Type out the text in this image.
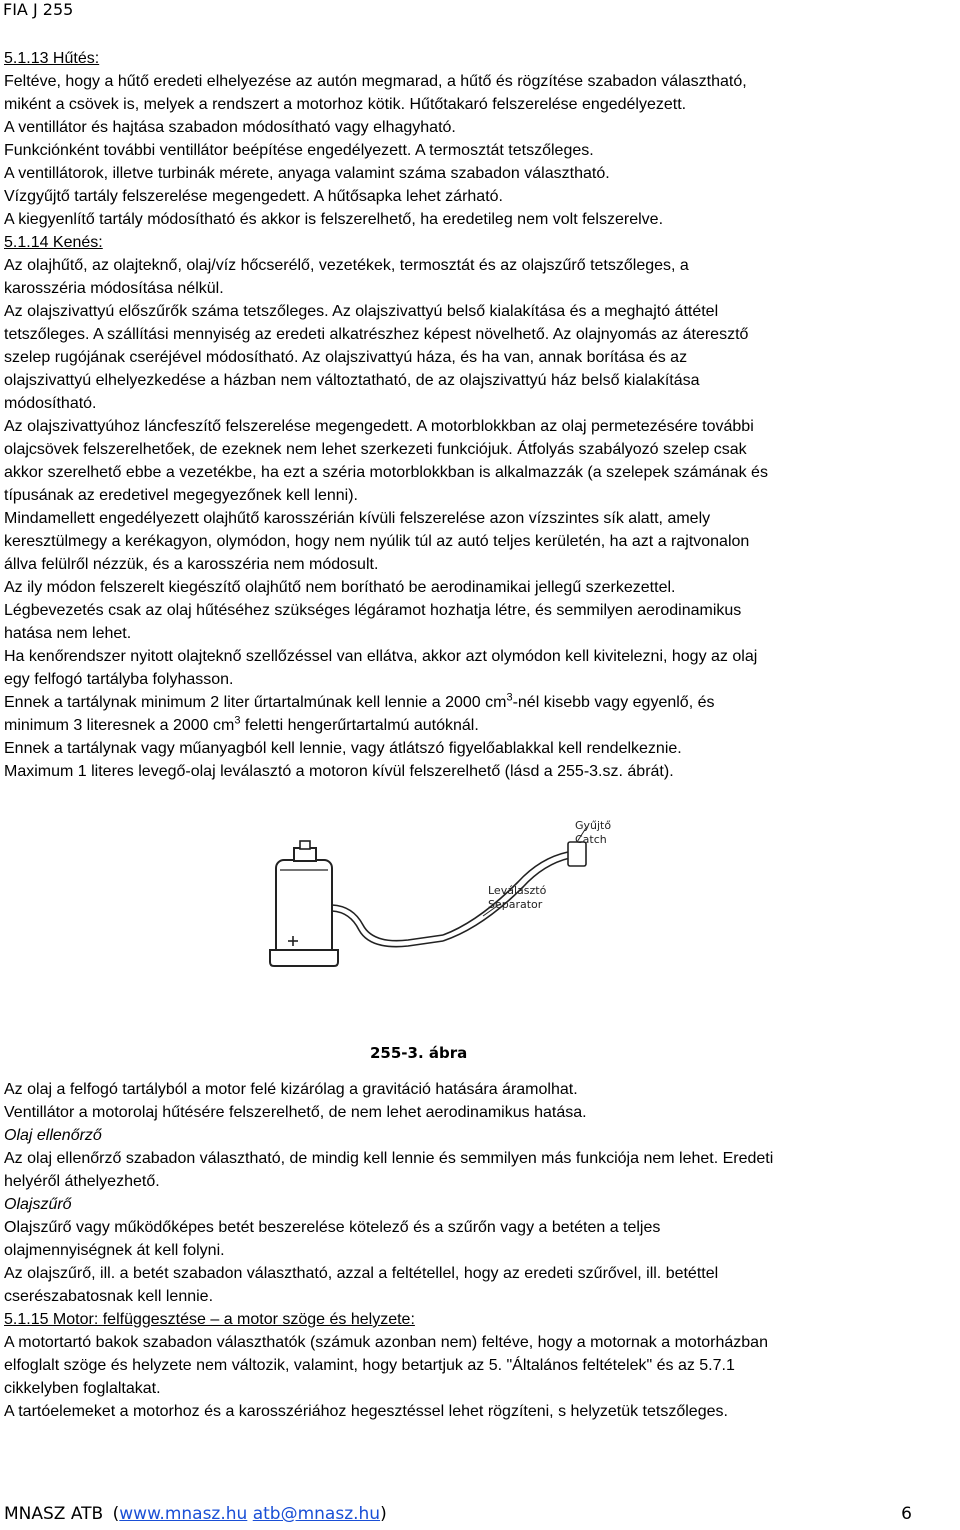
FIA J 255
5.1.13 Hűtés:
Feltéve, hogy a hűtő eredeti elhelyezése az autón megmarad, a hűtő és rögzítése szabadon választható,
miként a csövek is, melyek a rendszert a motorhoz kötik. Hűtőtakaró felszerelése engedélyezett.
A ventillátor és hajtása szabadon módosítható vagy elhagyható.
Funkciónként további ventillátor beépítése engedélyezett. A termosztát tetszőleges.
A ventillátorok, illetve turbinák mérete, anyaga valamint száma szabadon választható.
Vízgyűjtő tartály felszerelése megengedett. A hűtősapka lehet zárható.
A kiegyenlítő tartály módosítható és akkor is felszerelhető, ha eredetileg nem volt felszerelve.
5.1.14 Kenés:
Az olajhűtő, az olajteknő, olaj/víz hőcserélő, vezetékek, termosztát és az olajszűrő tetszőleges, a
karosszéria módosítása nélkül.
Az olajszivattyú előszűrők száma tetszőleges. Az olajszivattyú belső kialakítása és a meghajtó áttétel
tetszőleges. A szállítási mennyiség az eredeti alkatrészhez képest növelhető. Az olajnyomás az áteresztő
szelep rugójának cseréjével módosítható. Az olajszivattyú háza, és ha van, annak borítása és az
olajszivattyú elhelyezkedése a házban nem változtatható, de az olajszivattyú ház belső kialakítása
módosítható.
Az olajszivattyúhoz láncfeszítő felszerelése megengedett. A motorblokkban az olaj permetezésére további
olajcsövek felszerelhetőek, de ezeknek nem lehet szerkezeti funkciójuk. Átfolyás szabályozó szelep csak
akkor szerelhető ebbe a vezetékbe, ha ezt a széria motorblokkban is alkalmazzák (a szelepek számának és
típusának az eredetivel megegyezőnek kell lenni).
Mindamellett engedélyezett olajhűtő karosszérián kívüli felszerelése azon vízszintes sík alatt, amely
keresztülmegy a kerékagyon, olymódon, hogy nem nyúlik túl az autó teljes kerületén, ha azt a rajtvonalon
állva felülről nézzük, és a karosszéria nem módosult.
Az ily módon felszerelt kiegészítő olajhűtő nem borítható be aerodinamikai jellegű szerkezettel.
Légbevezetés csak az olaj hűtéséhez szükséges légáramot hozhatja létre, és semmilyen aerodinamikus
hatása nem lehet.
Ha kenőrendszer nyitott olajteknő szellőzéssel van ellátva, akkor azt olymódon kell kivitelezni, hogy az olaj
egy felfogó tartályba folyhasson.
Ennek a tartálynak minimum 2 liter űrtartalmúnak kell lennie a 2000 $cm^3$-nél kisebb vagy egyenlő, és
minimum 3 literesnek a 2000 $cm^3$ feletti hengerűrtartalmú autóknál.
Ennek a tartálynak vagy műanyagból kell lennie, vagy átlátszó figyelőablakkal kell rendelkeznie.
Maximum 1 literes levegő-olaj leválasztó a motoron kívül felszerelhető (lásd a 255-3.sz. ábrát).
Gyűjtő
Catch
Leválasztó
Separator
255-3. ábra
Az olaj a felfogó tartályból a motor felé kizárólag a gravitáció hatására áramolhat.
Ventillátor a motorolaj hűtésére felszerelhető, de nem lehet aerodinamikus hatása.
Olaj ellenőrző
Az olaj ellenőrző szabadon választható, de mindig kell lennie és semmilyen más funkciója nem lehet. Eredeti
helyéről áthelyezhető.
Olajszűrő
Olajszűrő vagy működőképes betét beszerelése kötelező és a szűrőn vagy a betéten a teljes
olajmennyiségnek át kell folyni.
Az olajszűrő, ill. a betét szabadon választható, azzal a feltétellel, hogy az eredeti szűrővel, ill. betéttel
cserészabatosnak kell lennie.
5.1.15 Motor: felfüggesztése – a motor szöge és helyzete:
A motortartó bakok szabadon választhatók (számuk azonban nem) feltéve, hogy a motornak a motorházban
elfoglalt szöge és helyzete nem változik, valamint, hogy betartjuk az 5. "Általános feltételek" és az 5.7.1
cikkelyben foglaltakat.
A tartóelemeket a motorhoz és a karosszériához hegesztéssel lehet rögzíteni, s helyzetük tetszőleges.
MNASZ ATB (www.mnasz.hu atb@mnasz.hu)	6
